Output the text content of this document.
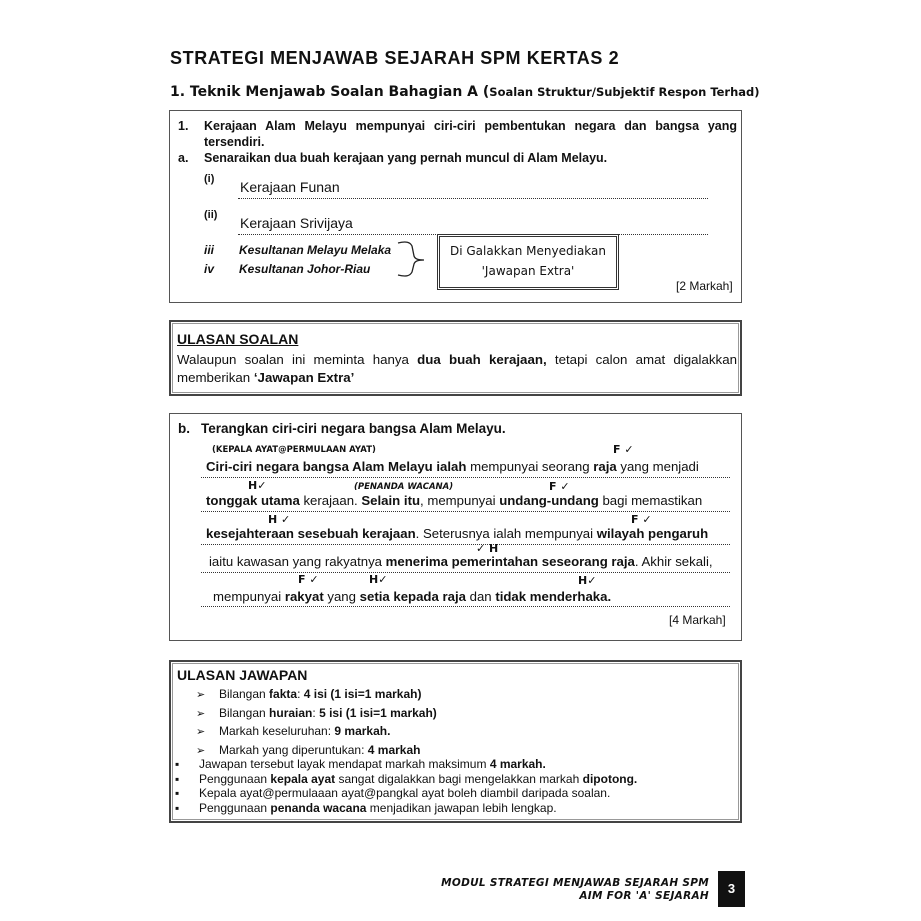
STRATEGI MENJAWAB SEJARAH SPM KERTAS 2
1. Teknik Menjawab Soalan Bahagian A (Soalan Struktur/Subjektif Respon Terhad)
1. Kerajaan Alam Melayu mempunyai ciri-ciri pembentukan negara dan bangsa yang
tersendiri.
a. Senaraikan dua buah kerajaan yang pernah muncul di Alam Melayu.
(i) Kerajaan Funan
(ii) Kerajaan Srivijaya
iii Kesultanan Melayu Melaka
iv Kesultanan Johor-Riau
Di Galakkan Menyediakan
'Jawapan Extra'
[2 Markah]
ULASAN SOALAN
Walaupun soalan ini meminta hanya dua buah kerajaan, tetapi calon amat digalakkan
memberikan ‘Jawapan Extra’
b. Terangkan ciri-ciri negara bangsa Alam Melayu.
(KEPALA AYAT@PERMULAAN AYAT)	F ✓
Ciri-ciri negara bangsa Alam Melayu ialah mempunyai seorang raja yang menjadi
H✓	(PENANDA WACANA)	F ✓
tonggak utama kerajaan. Selain itu, mempunyai undang-undang bagi memastikan
H ✓	F ✓
kesejahteraan sesebuah kerajaan. Seterusnya ialah mempunyai wilayah pengaruh
✓ H
iaitu kawasan yang rakyatnya menerima pemerintahan seseorang raja. Akhir sekali,
F ✓	H✓	H✓
mempunyai rakyat yang setia kepada raja dan tidak menderhaka.
[4 Markah]
ULASAN JAWAPAN
➢ Bilangan fakta: 4 isi (1 isi=1 markah)
➢ Bilangan huraian: 5 isi (1 isi=1 markah)
➢ Markah keseluruhan: 9 markah.
➢ Markah yang diperuntukan: 4 markah
▪ Jawapan tersebut layak mendapat markah maksimum 4 markah.
▪ Penggunaan kepala ayat sangat digalakkan bagi mengelakkan markah dipotong.
▪ Kepala ayat@permulaaan ayat@pangkal ayat boleh diambil daripada soalan.
▪ Penggunaan penanda wacana menjadikan jawapan lebih lengkap.
MODUL STRATEGI MENJAWAB SEJARAH SPM
AIM FOR 'A' SEJARAH	3
